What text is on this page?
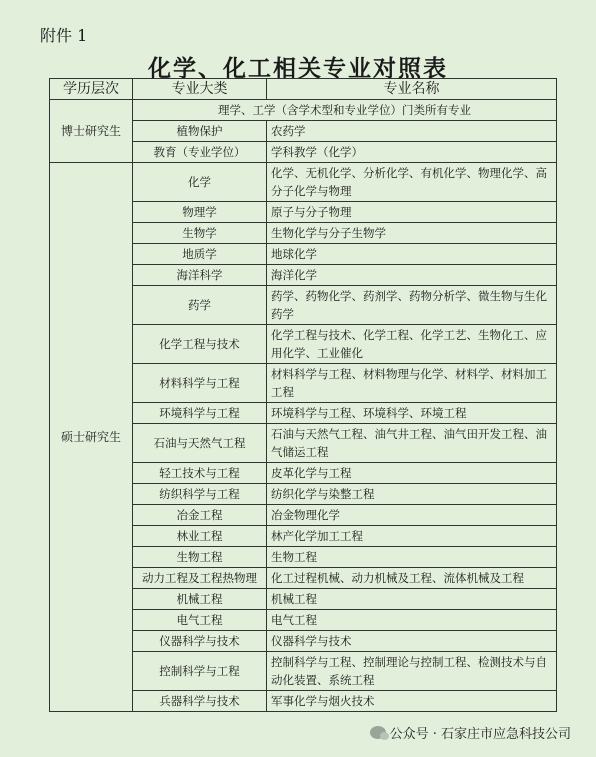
附件 1
化学、化工相关专业对照表
学历层次	专业大类	专业名称
博士研究生	理学、工学（含学术型和专业学位）门类所有专业	
	植物保护	农药学
	教育（专业学位）	学科教学（化学）
硕士研究生	化学	化学、无机化学、分析化学、有机化学、物理化学、高分子化学与物理
	物理学	原子与分子物理
	生物学	生物化学与分子生物学
	地质学	地球化学
	海洋科学	海洋化学
	药学	药学、药物化学、药剂学、药物分析学、微生物与生化药学
	化学工程与技术	化学工程与技术、化学工程、化学工艺、生物化工、应用化学、工业催化
	材料科学与工程	材料科学与工程、材料物理与化学、材料学、材料加工工程
	环境科学与工程	环境科学与工程、环境科学、环境工程
	石油与天然气工程	石油与天然气工程、油气井工程、油气田开发工程、油气储运工程
	轻工技术与工程	皮革化学与工程
	纺织科学与工程	纺织化学与染整工程
	冶金工程	冶金物理化学
	林业工程	林产化学加工工程
	生物工程	生物工程
	动力工程及工程热物理	化工过程机械、动力机械及工程、流体机械及工程
	机械工程	机械工程
	电气工程	电气工程
	仪器科学与技术	仪器科学与技术
	控制科学与工程	控制科学与工程、控制理论与控制工程、检测技术与自动化装置、系统工程
	兵器科学与技术	军事化学与烟火技术
公众号 · 石家庄市应急科技公司
